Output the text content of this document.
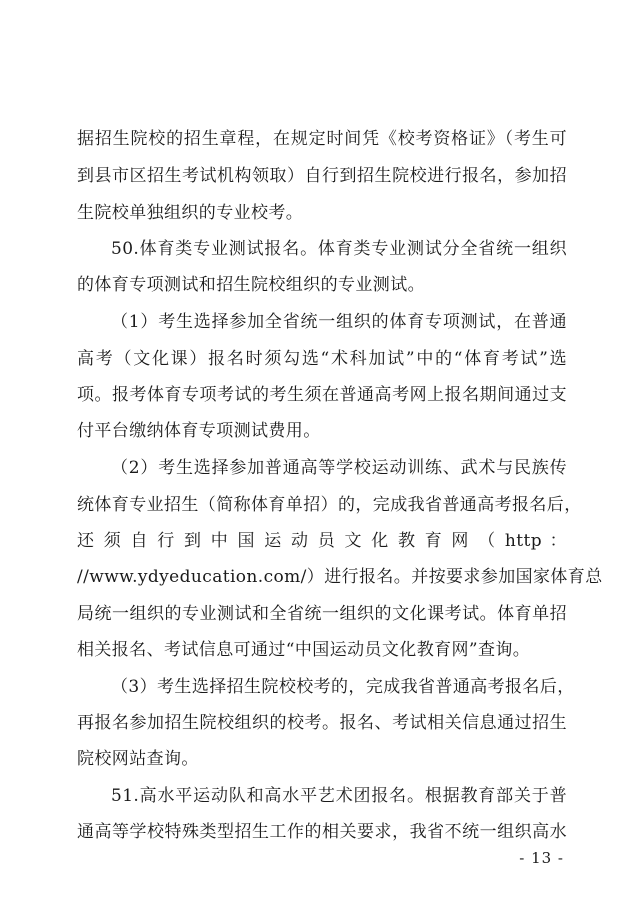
据招生院校的招生章程，在规定时间凭《校考资格证》（考生可
到县市区招生考试机构领取）自行到招生院校进行报名，参加招
生院校单独组织的专业校考。
50.体育类专业测试报名。体育类专业测试分全省统一组织
的体育专项测试和招生院校组织的专业测试。
（1）考生选择参加全省统一组织的体育专项测试，在普通
高考（文化课）报名时须勾选“术科加试”中的“体育考试”选
项。报考体育专项考试的考生须在普通高考网上报名期间通过支
付平台缴纳体育专项测试费用。
（2）考生选择参加普通高等学校运动训练、武术与民族传
统体育专业招生（简称体育单招）的，完成我省普通高考报名后，
还 须 自 行 到 中 国 运 动 员 文 化 教 育 网 （ http ：
//www.ydyeducation.com/）进行报名。并按要求参加国家体育总
局统一组织的专业测试和全省统一组织的文化课考试。体育单招
相关报名、考试信息可通过“中国运动员文化教育网”查询。
（3）考生选择招生院校校考的，完成我省普通高考报名后，
再报名参加招生院校组织的校考。报名、考试相关信息通过招生
院校网站查询。
51.高水平运动队和高水平艺术团报名。根据教育部关于普
通高等学校特殊类型招生工作的相关要求，我省不统一组织高水
- 13 -
